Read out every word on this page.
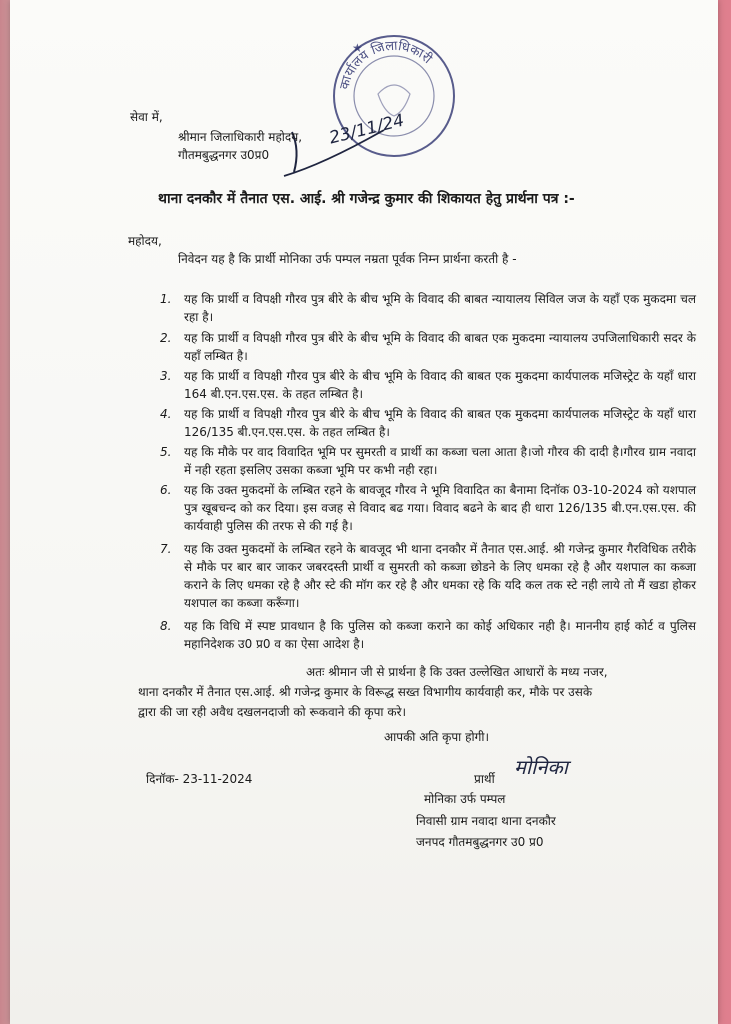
कार्यालय जिलाधिकारी
★
23/11/24
सेवा में,
श्रीमान जिलाधिकारी महोदय,
गौतमबुद्धनगर उ0प्र0
थाना दनकौर में तैनात एस. आई. श्री गजेन्द्र कुमार की शिकायत हेतु प्रार्थना पत्र :-
महोदय,
निवेदन यह है कि प्रार्थी मोनिका उर्फ पम्पल नम्रता पूर्वक निम्न प्रार्थना करती है -
1. यह कि प्रार्थी व विपक्षी गौरव पुत्र बीरे के बीच भूमि के विवाद की बाबत न्यायालय सिविल जज के यहाँ एक मुकदमा चल रहा है।
2. यह कि प्रार्थी व विपक्षी गौरव पुत्र बीरे के बीच भूमि के विवाद की बाबत एक मुकदमा न्यायालय उपजिलाधिकारी सदर के यहाँ लम्बित है।
3. यह कि प्रार्थी व विपक्षी गौरव पुत्र बीरे के बीच भूमि के विवाद की बाबत एक मुकदमा कार्यपालक मजिस्ट्रेट के यहाँ धारा 164 बी.एन.एस.एस. के तहत लम्बित है।
4. यह कि प्रार्थी व विपक्षी गौरव पुत्र बीरे के बीच भूमि के विवाद की बाबत एक मुकदमा कार्यपालक मजिस्ट्रेट के यहाँ धारा 126/135 बी.एन.एस.एस. के तहत लम्बित है।
5. यह कि मौके पर वाद विवादित भूमि पर सुमरती व प्रार्थी का कब्जा चला आता है।जो गौरव की दादी है।गौरव ग्राम नवादा में नही रहता इसलिए उसका कब्जा भूमि पर कभी नही रहा।
6. यह कि उक्त मुकदमों के लम्बित रहने के बावजूद गौरव ने भूमि विवादित का बैनामा दिनॉक 03-10-2024 को यशपाल पुत्र खूबचन्द को कर दिया। इस वजह से विवाद बढ गया। विवाद बढने के बाद ही धारा 126/135 बी.एन.एस.एस. की कार्यवाही पुलिस की तरफ से की गई है।
7. यह कि उक्त मुकदमों के लम्बित रहने के बावजूद भी थाना दनकौर में तैनात एस.आई. श्री गजेन्द्र कुमार गैरविधिक तरीके से मौके पर बार बार जाकर जबरदस्ती प्रार्थी व सुमरती को कब्जा छोडने के लिए धमका रहे है और यशपाल का कब्जा कराने के लिए धमका रहे है और स्टे की मॉग कर रहे है और धमका रहे कि यदि कल तक स्टे नही लाये तो मैं खडा होकर यशपाल का कब्जा करूँगा।
8. यह कि विधि में स्पष्ट प्रावधान है कि पुलिस को कब्जा कराने का कोई अधिकार नही है। माननीय हाई कोर्ट व पुलिस महानिदेशक उ0 प्र0 व का ऐसा आदेश है।
अतः श्रीमान जी से प्रार्थना है कि उक्त उल्लेखित आधारों के मध्य नजर,
थाना दनकौर में तैनात एस.आई. श्री गजेन्द्र कुमार के विरूद्ध सख्त विभागीय कार्यवाही कर, मौके पर उसके
द्वारा की जा रही अवैध दखलनदाजी को रूकवाने की कृपा करे।
आपकी अति कृपा होगी।
दिनॉक- 23-11-2024	प्रार्थी मोनिका
मोनिका उर्फ पम्पल
निवासी ग्राम नवादा थाना दनकौर
जनपद गौतमबुद्धनगर उ0 प्र0
